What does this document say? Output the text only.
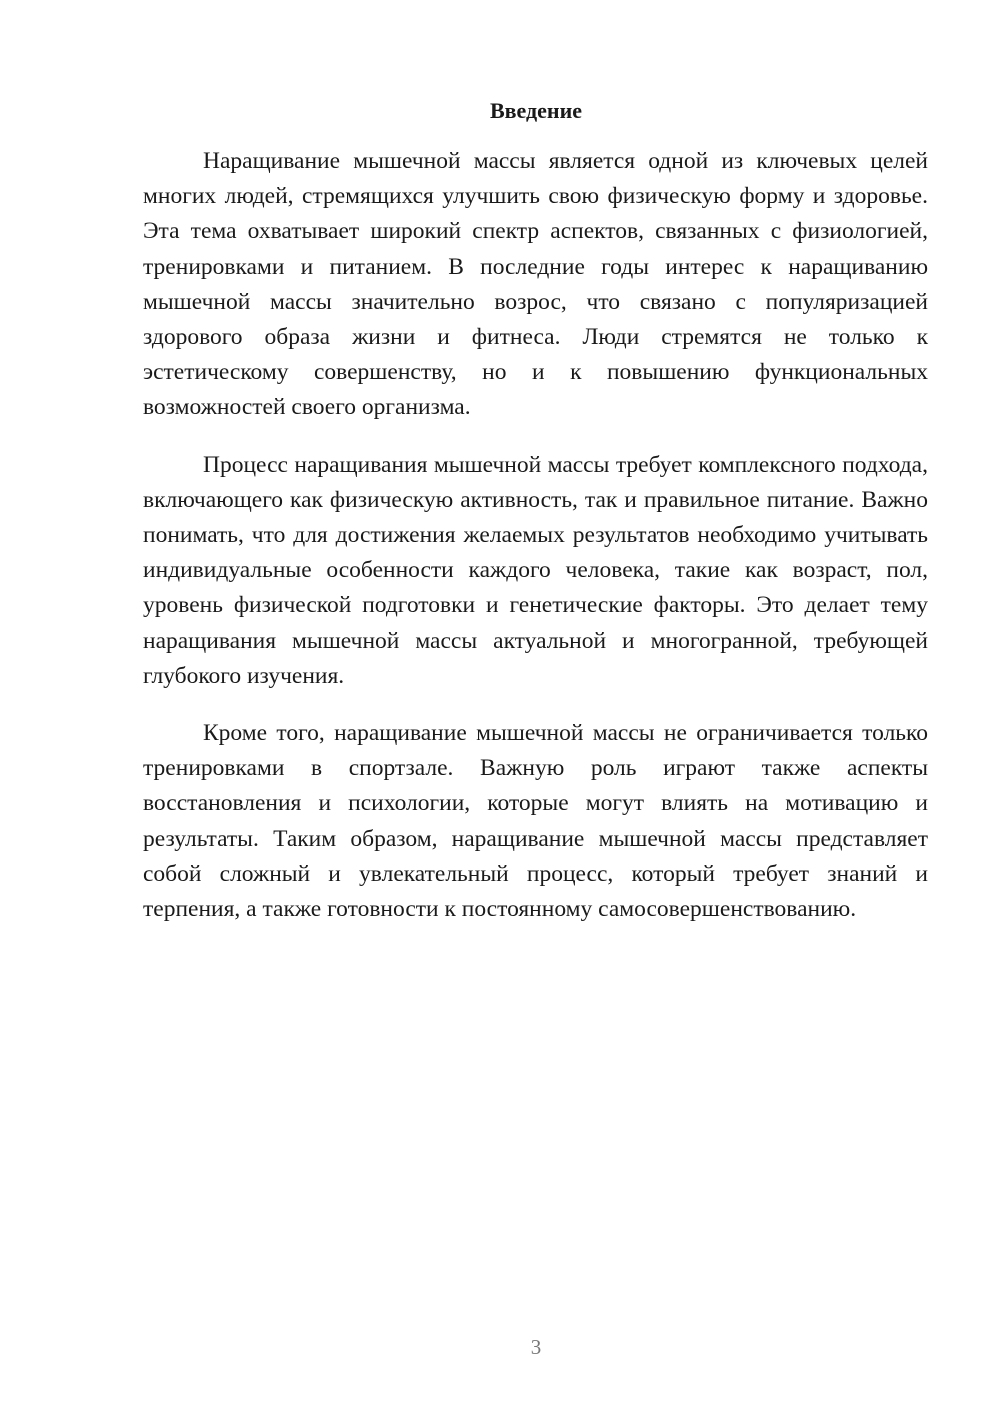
Введение

Наращивание мышечной массы является одной из ключевых целей многих людей, стремящихся улучшить свою физическую форму и здоровье. Эта тема охватывает широкий спектр аспектов, связанных с физиологией, тренировками и питанием. В последние годы интерес к наращиванию мышечной массы значительно возрос, что связано с популяризацией здорового образа жизни и фитнеса. Люди стремятся не только к эстетическому совершенству, но и к повышению функциональных возможностей своего организма.

Процесс наращивания мышечной массы требует комплексного подхода, включающего как физическую активность, так и правильное питание. Важно понимать, что для достижения желаемых результатов необходимо учитывать индивидуальные особенности каждого человека, такие как возраст, пол, уровень физической подготовки и генетические факторы. Это делает тему наращивания мышечной массы актуальной и многогранной, требующей глубокого изучения.

Кроме того, наращивание мышечной массы не ограничивается только тренировками в спортзале. Важную роль играют также аспекты восстановления и психологии, которые могут влиять на мотивацию и результаты. Таким образом, наращивание мышечной массы представляет собой сложный и увлекательный процесс, который требует знаний и терпения, а также готовности к постоянному самосовершенствованию.

3
